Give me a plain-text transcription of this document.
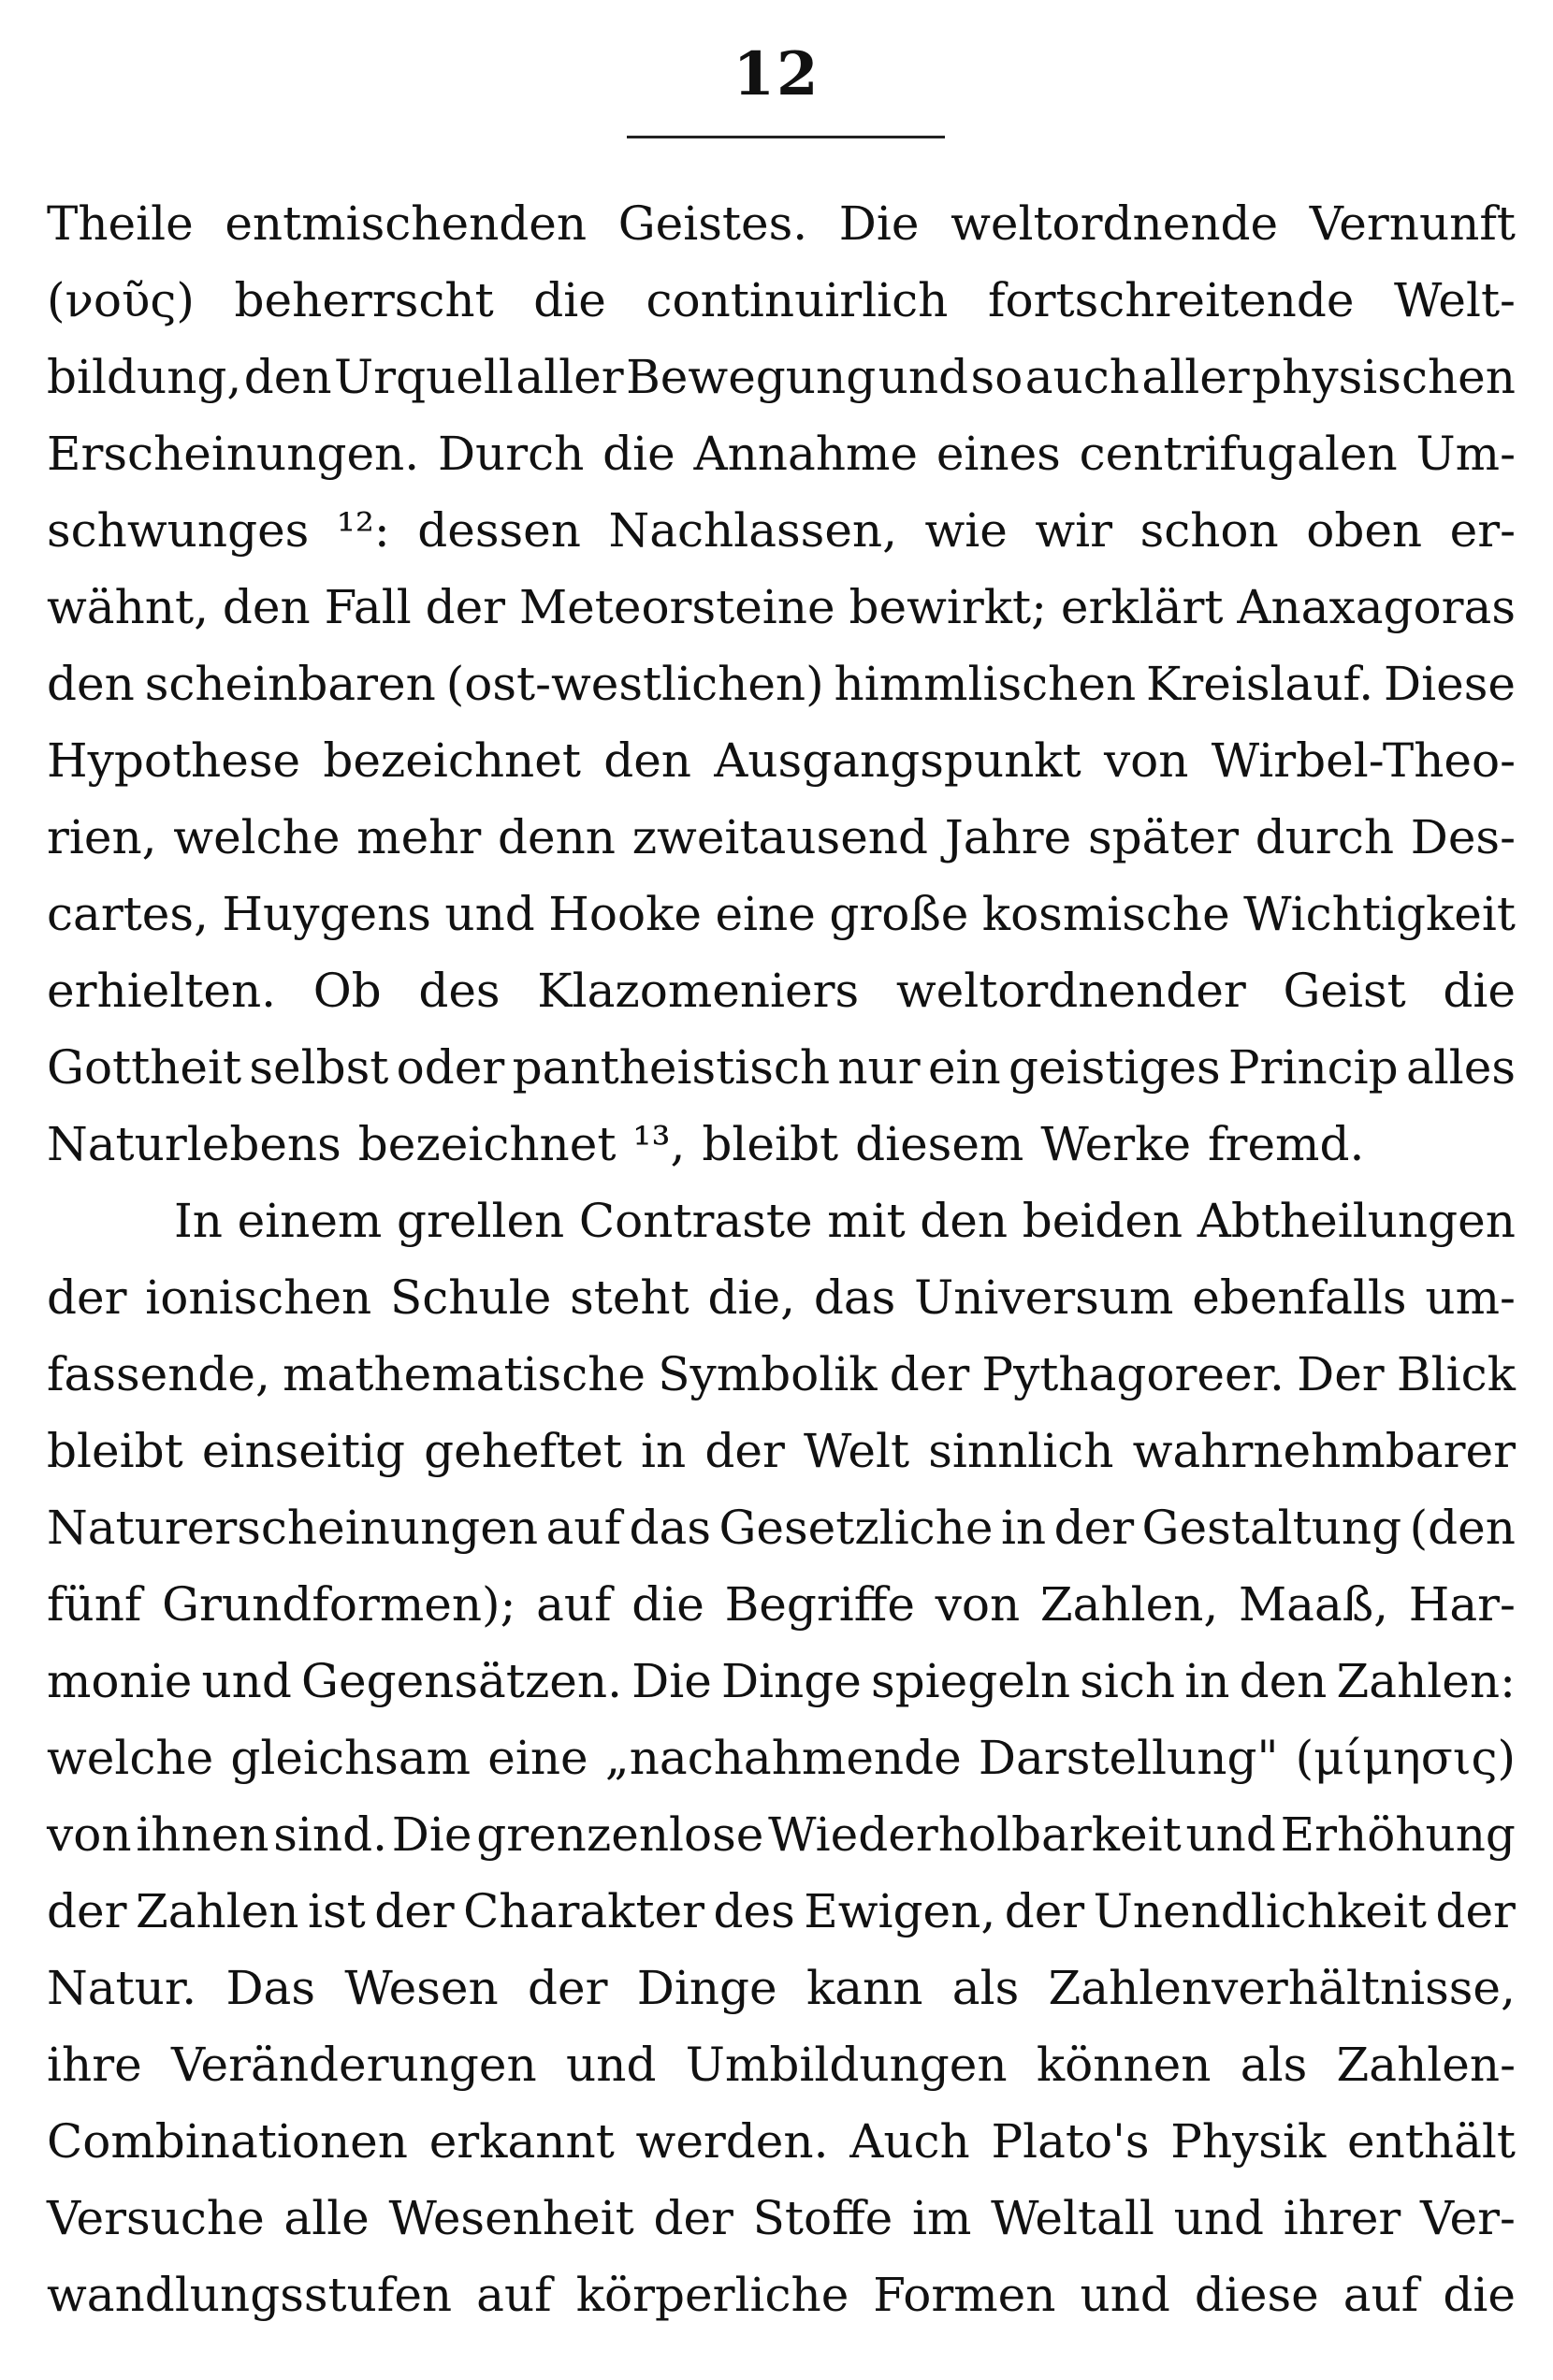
12
Theile entmischenden Geistes. Die weltordnende Vernunft
(νοῦς) beherrscht die continuirlich fortschreitende Welt-
bildung, den Urquell aller Bewegung und so auch aller physischen
Erscheinungen. Durch die Annahme eines centrifugalen Um-
schwunges ¹²: dessen Nachlassen, wie wir schon oben er-
wähnt, den Fall der Meteorsteine bewirkt; erklärt Anaxagoras
den scheinbaren (ost-westlichen) himmlischen Kreislauf. Diese
Hypothese bezeichnet den Ausgangspunkt von Wirbel-Theo-
rien, welche mehr denn zweitausend Jahre später durch Des-
cartes, Huygens und Hooke eine große kosmische Wichtigkeit
erhielten. Ob des Klazomeniers weltordnender Geist die
Gottheit selbst oder pantheistisch nur ein geistiges Princip alles
Naturlebens bezeichnet ¹³, bleibt diesem Werke fremd.
In einem grellen Contraste mit den beiden Abtheilungen
der ionischen Schule steht die, das Universum ebenfalls um-
fassende, mathematische Symbolik der Pythagoreer. Der Blick
bleibt einseitig geheftet in der Welt sinnlich wahrnehmbarer
Naturerscheinungen auf das Gesetzliche in der Gestaltung (den
fünf Grundformen); auf die Begriffe von Zahlen, Maaß, Har-
monie und Gegensätzen. Die Dinge spiegeln sich in den Zahlen:
welche gleichsam eine „nachahmende Darstellung" (μίμησις)
von ihnen sind. Die grenzenlose Wiederholbarkeit und Erhöhung
der Zahlen ist der Charakter des Ewigen, der Unendlichkeit der
Natur. Das Wesen der Dinge kann als Zahlenverhältnisse,
ihre Veränderungen und Umbildungen können als Zahlen-
Combinationen erkannt werden. Auch Plato's Physik enthält
Versuche alle Wesenheit der Stoffe im Weltall und ihrer Ver-
wandlungsstufen auf körperliche Formen und diese auf die
